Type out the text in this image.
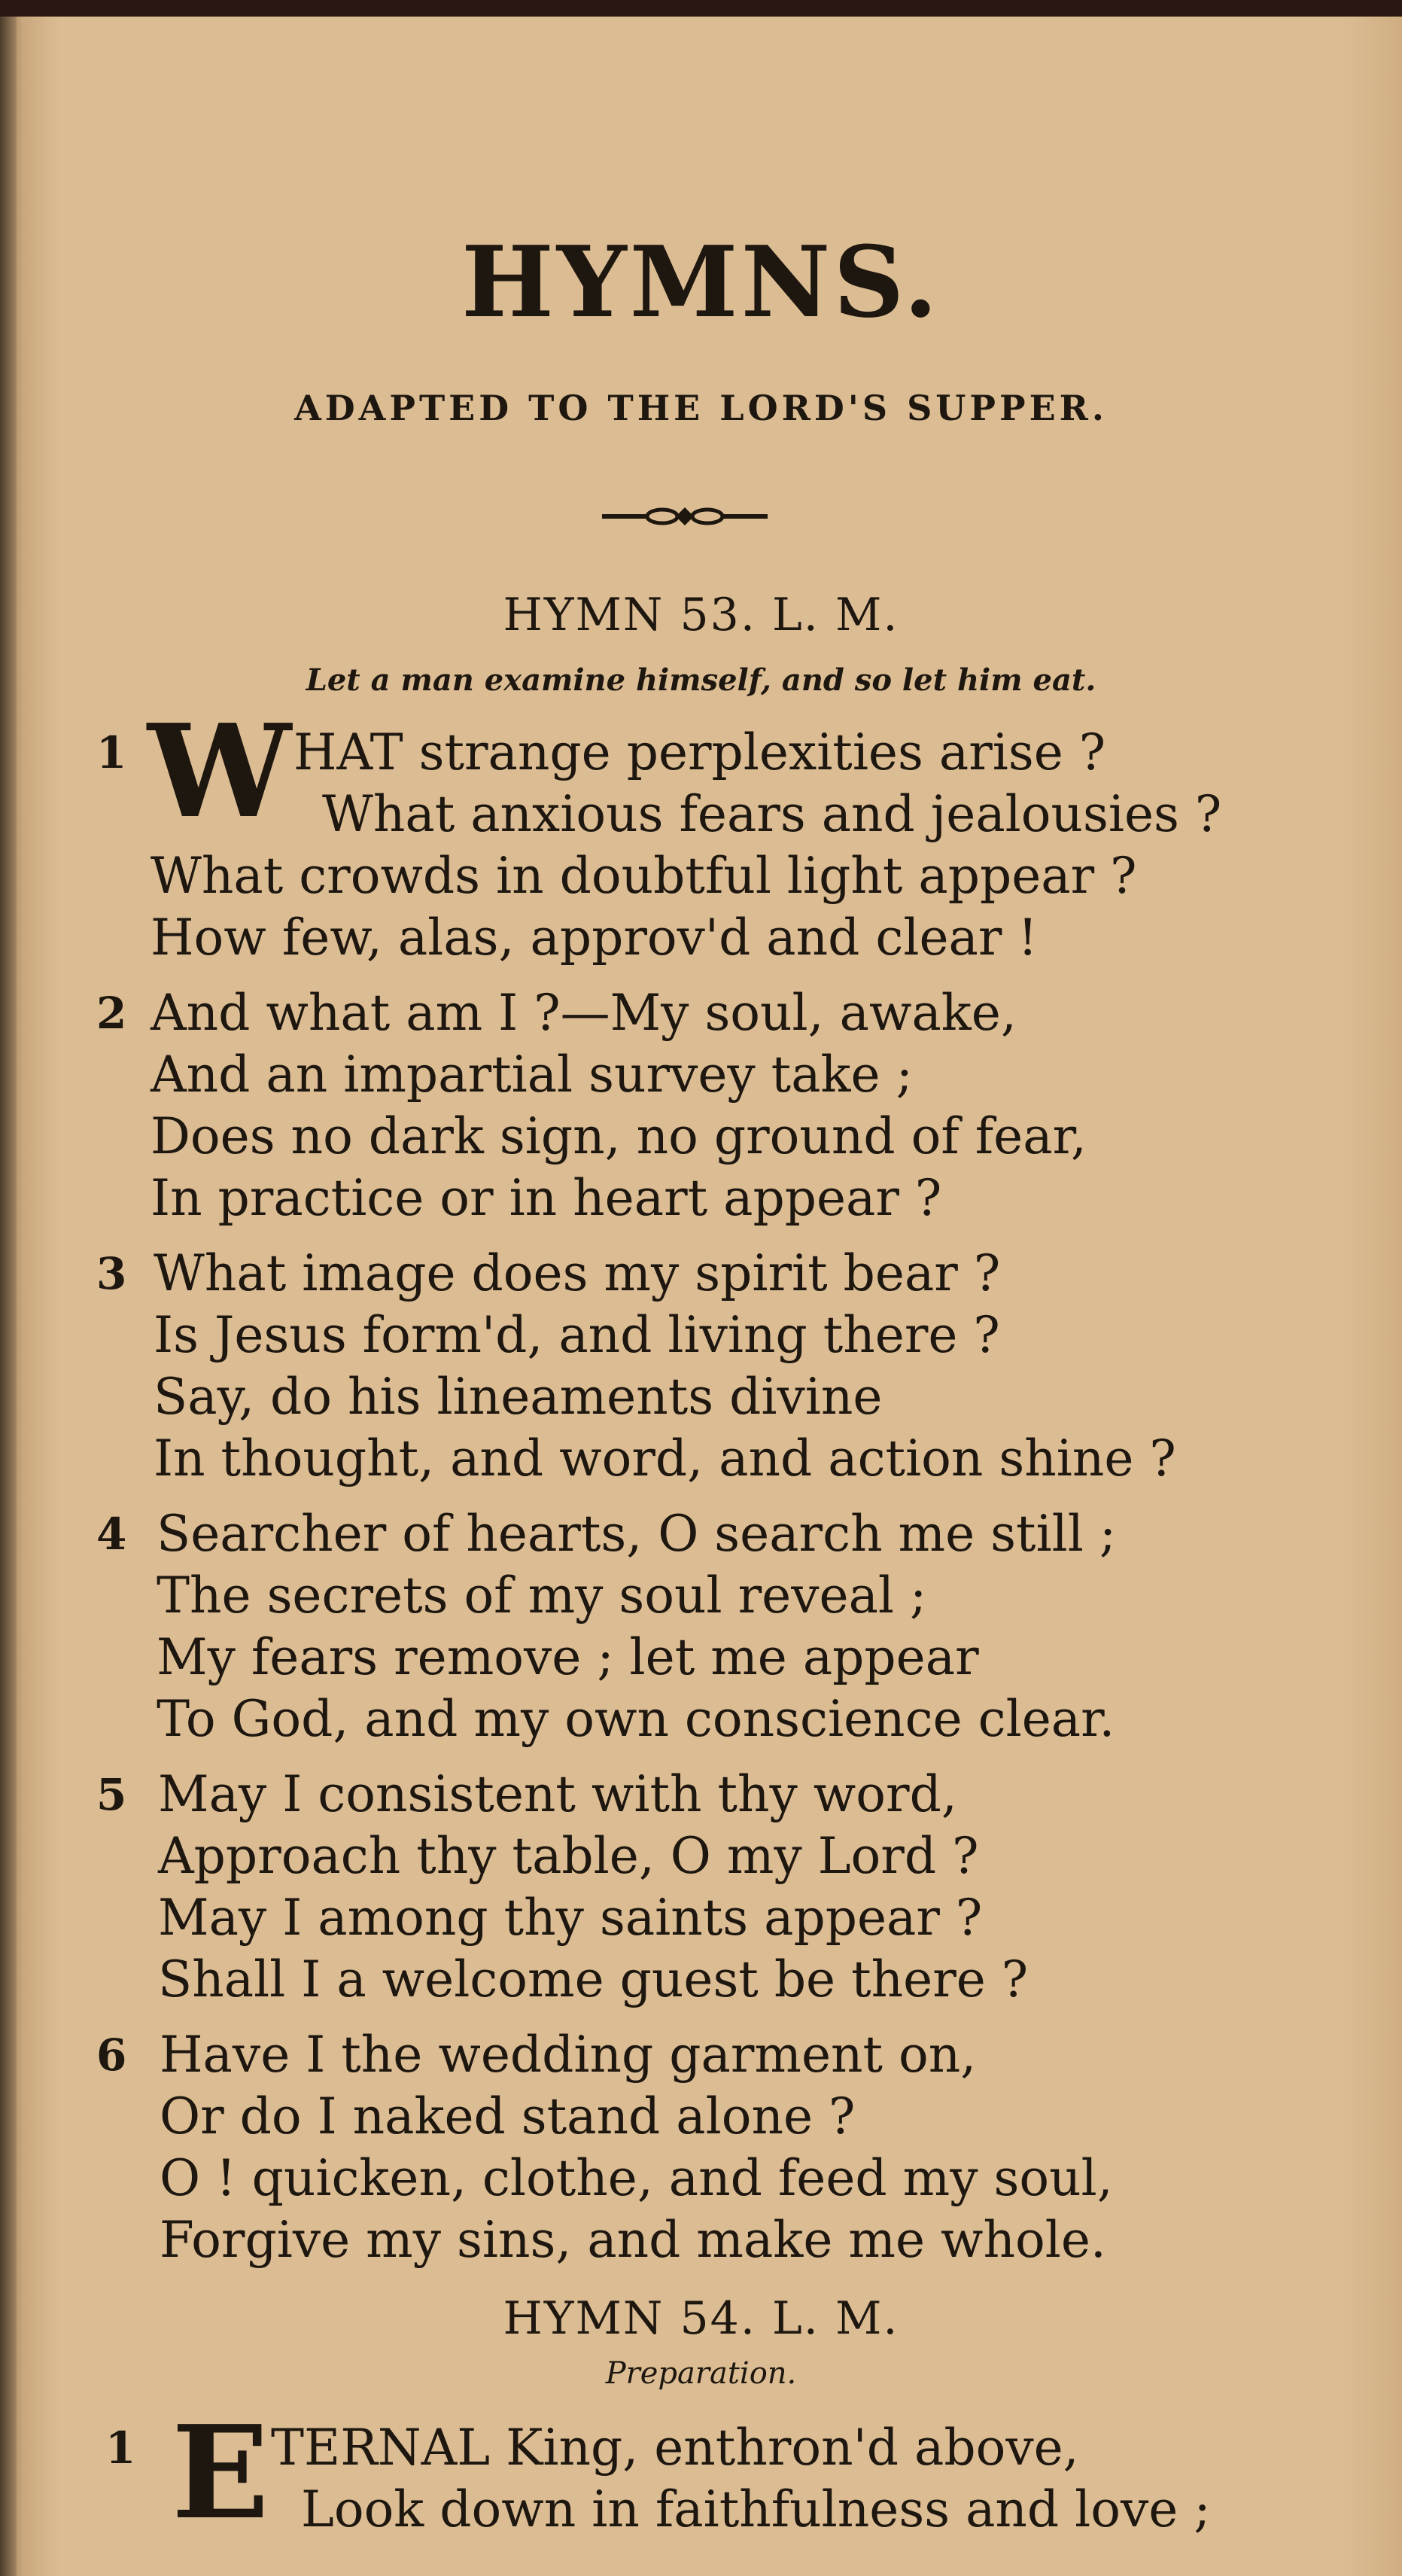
HYMNS.
ADAPTED TO THE LORD'S SUPPER.
HYMN 53. L. M.
Let a man examine himself, and so let him eat.
1 W HAT strange perplexities arise ?
What anxious fears and jealousies ?
What crowds in doubtful light appear ?
How few, alas, approv'd and clear !
2 And what am I ?—My soul, awake,
And an impartial survey take ;
Does no dark sign, no ground of fear,
In practice or in heart appear ?
3 What image does my spirit bear ?
Is Jesus form'd, and living there ?
Say, do his lineaments divine
In thought, and word, and action shine ?
4 Searcher of hearts, O search me still ;
The secrets of my soul reveal ;
My fears remove ; let me appear
To God, and my own conscience clear.
5 May I consistent with thy word,
Approach thy table, O my Lord ?
May I among thy saints appear ?
Shall I a welcome guest be there ?
6 Have I the wedding garment on,
Or do I naked stand alone ?
O ! quicken, clothe, and feed my soul,
Forgive my sins, and make me whole.
HYMN 54. L. M.
Preparation.
1 E TERNAL King, enthron'd above,
Look down in faithfulness and love ;
